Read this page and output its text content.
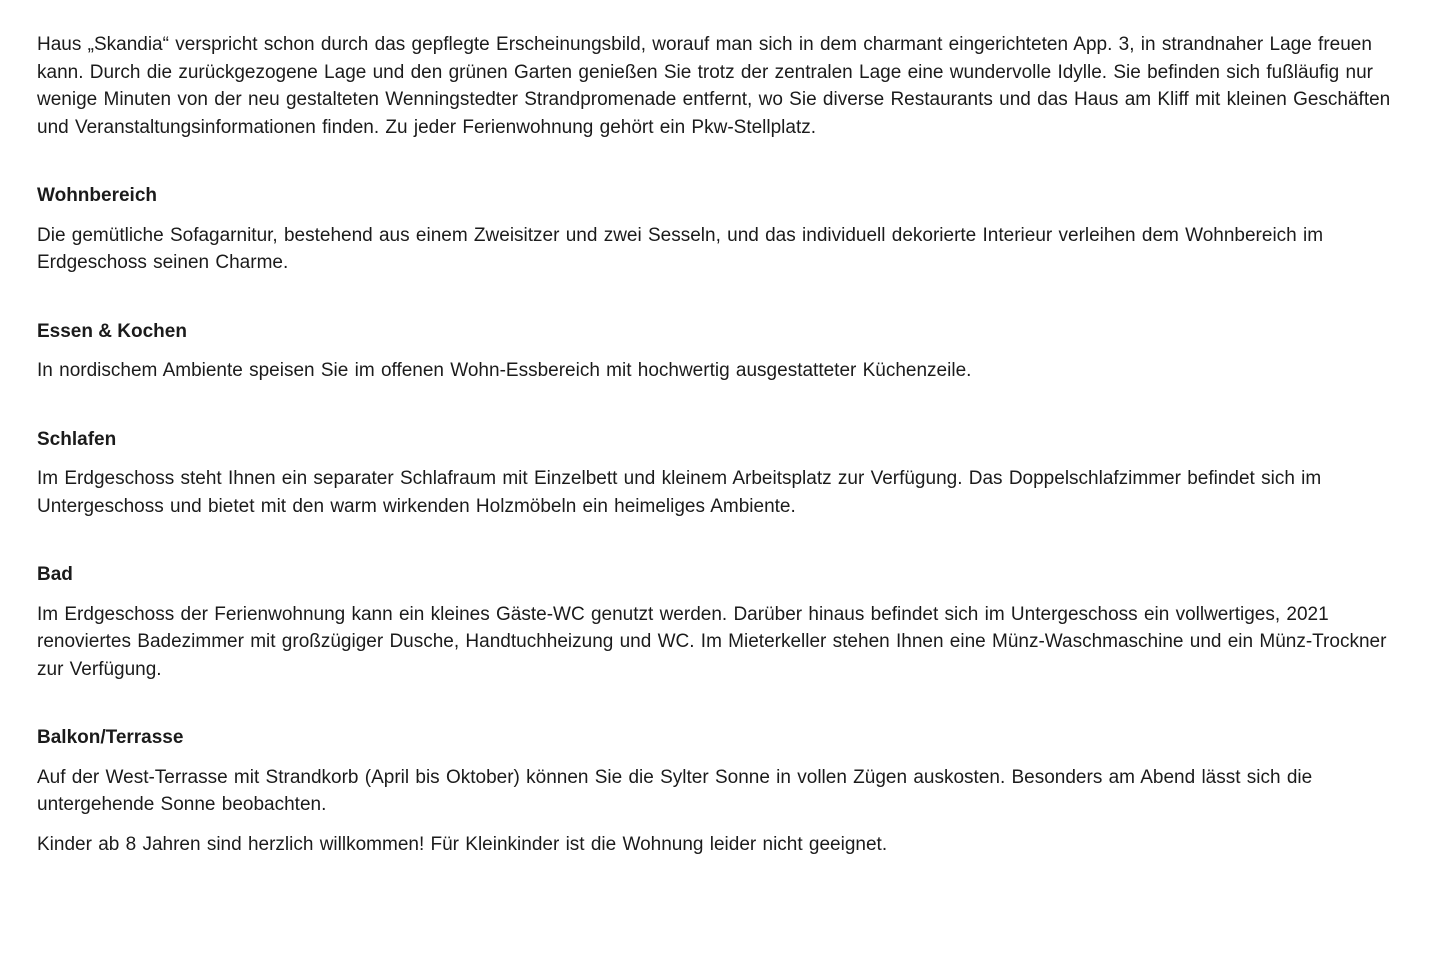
Haus „Skandia“ verspricht schon durch das gepflegte Erscheinungsbild, worauf man sich in dem charmant eingerichteten App. 3, in strandnaher Lage freuen kann. Durch die zurückgezogene Lage und den grünen Garten genießen Sie trotz der zentralen Lage eine wundervolle Idylle. Sie befinden sich fußläufig nur wenige Minuten von der neu gestalteten Wenningstedter Strandpromenade entfernt, wo Sie diverse Restaurants und das Haus am Kliff mit kleinen Geschäften und Veranstaltungsinformationen finden. Zu jeder Ferienwohnung gehört ein Pkw-Stellplatz.

Wohnbereich

Die gemütliche Sofagarnitur, bestehend aus einem Zweisitzer und zwei Sesseln, und das individuell dekorierte Interieur verleihen dem Wohnbereich im Erdgeschoss seinen Charme.

Essen & Kochen

In nordischem Ambiente speisen Sie im offenen Wohn-Essbereich mit hochwertig ausgestatteter Küchenzeile.

Schlafen

Im Erdgeschoss steht Ihnen ein separater Schlafraum mit Einzelbett und kleinem Arbeitsplatz zur Verfügung. Das Doppelschlafzimmer befindet sich im Untergeschoss und bietet mit den warm wirkenden Holzmöbeln ein heimeliges Ambiente.

Bad

Im Erdgeschoss der Ferienwohnung kann ein kleines Gäste-WC genutzt werden. Darüber hinaus befindet sich im Untergeschoss ein vollwertiges, 2021 renoviertes Badezimmer mit großzügiger Dusche, Handtuchheizung und WC. Im Mieterkeller stehen Ihnen eine Münz-Waschmaschine und ein Münz-Trockner zur Verfügung.

Balkon/Terrasse

Auf der West-Terrasse mit Strandkorb (April bis Oktober) können Sie die Sylter Sonne in vollen Zügen auskosten. Besonders am Abend lässt sich die untergehende Sonne beobachten.

Kinder ab 8 Jahren sind herzlich willkommen! Für Kleinkinder ist die Wohnung leider nicht geeignet.
